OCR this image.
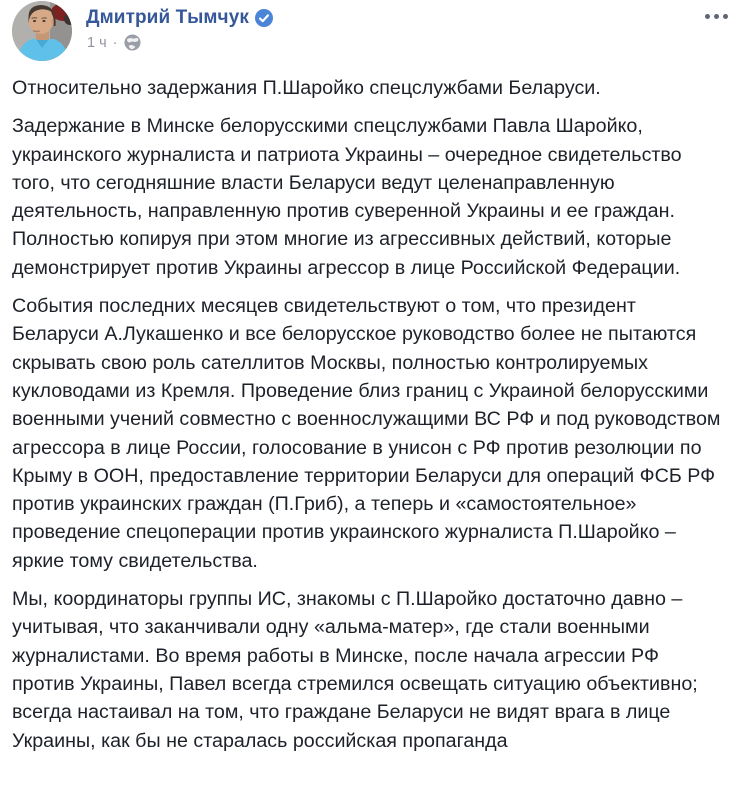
Дмитрий Тымчук
1 ч ·

Относительно задержания П.Шаройко спецслужбами Беларуси.

Задержание в Минске белорусскими спецслужбами Павла Шаройко, украинского журналиста и патриота Украины – очередное свидетельство того, что сегодняшние власти Беларуси ведут целенаправленную деятельность, направленную против суверенной Украины и ее граждан. Полностью копируя при этом многие из агрессивных действий, которые демонстрирует против Украины агрессор в лице Российской Федерации.

События последних месяцев свидетельствуют о том, что президент Беларуси А.Лукашенко и все белорусское руководство более не пытаются скрывать свою роль сателлитов Москвы, полностью контролируемых кукловодами из Кремля. Проведение близ границ с Украиной белорусскими военными учений совместно с военнослужащими ВС РФ и под руководством агрессора в лице России, голосование в унисон с РФ против резолюции по Крыму в ООН, предоставление территории Беларуси для операций ФСБ РФ против украинских граждан (П.Гриб), а теперь и «самостоятельное» проведение спецоперации против украинского журналиста П.Шаройко – яркие тому свидетельства.

Мы, координаторы группы ИС, знакомы с П.Шаройко достаточно давно – учитывая, что заканчивали одну «альма-матер», где стали военными журналистами. Во время работы в Минске, после начала агрессии РФ против Украины, Павел всегда стремился освещать ситуацию объективно; всегда настаивал на том, что граждане Беларуси не видят врага в лице Украины, как бы не старалась российская пропаганда
